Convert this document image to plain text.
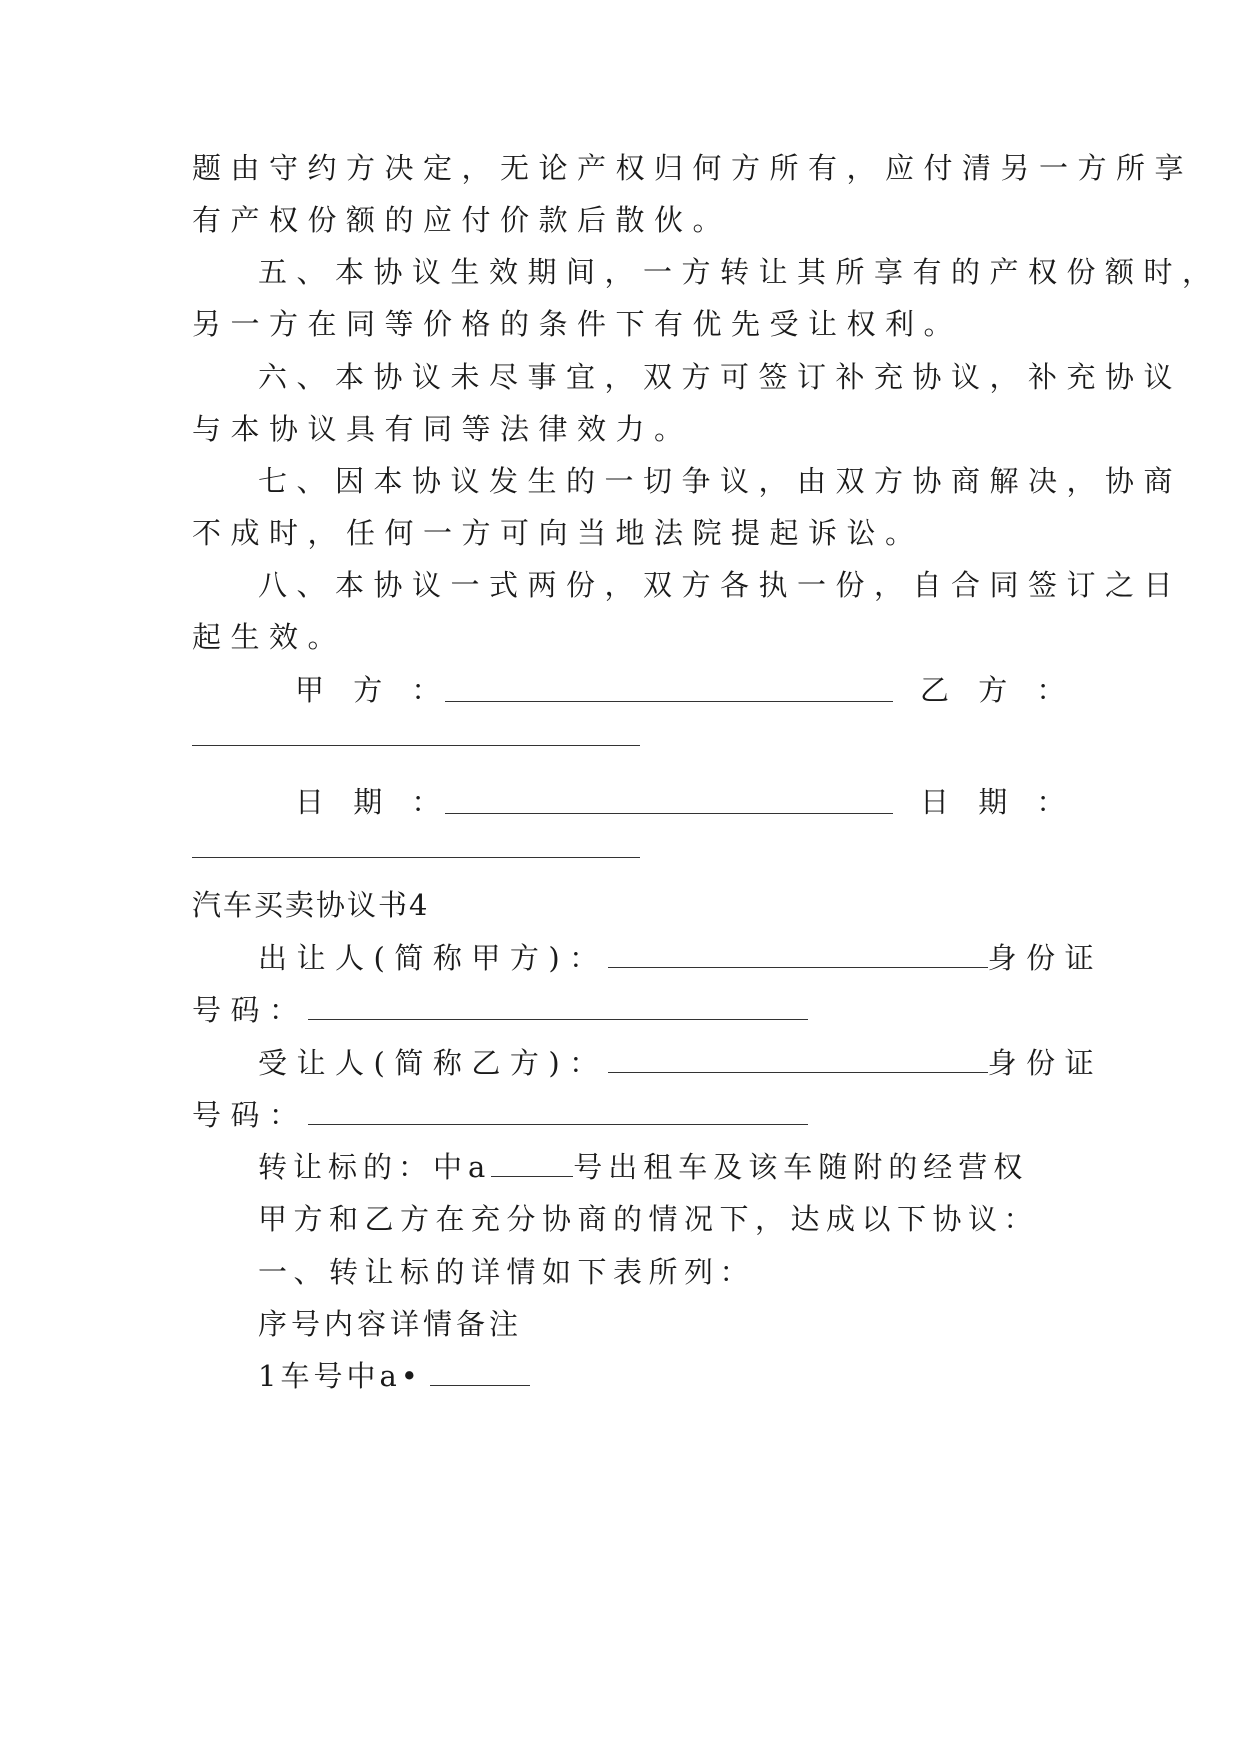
题由守约方决定，无论产权归何方所有，应付清另一方所享
有产权份额的应付价款后散伙。
五、本协议生效期间，一方转让其所享有的产权份额时，
另一方在同等价格的条件下有优先受让权利。
六、本协议未尽事宜，双方可签订补充协议，补充协议
与本协议具有同等法律效力。
七、因本协议发生的一切争议，由双方协商解决，协商
不成时，任何一方可向当地法院提起诉讼。
八、本协议一式两份，双方各执一份，自合同签订之日
起生效。
甲 方 ：	乙 方 ：
日 期 ：	日 期 ：
汽车买卖协议书4
出让人(简称甲方)：	身份证
号码：
受让人(简称乙方)：	身份证
号码：
转让标的：中a	号出租车及该车随附的经营权
甲方和乙方在充分协商的情况下，达成以下协议：
一、转让标的详情如下表所列：
序号内容详情备注
1车号中a•
